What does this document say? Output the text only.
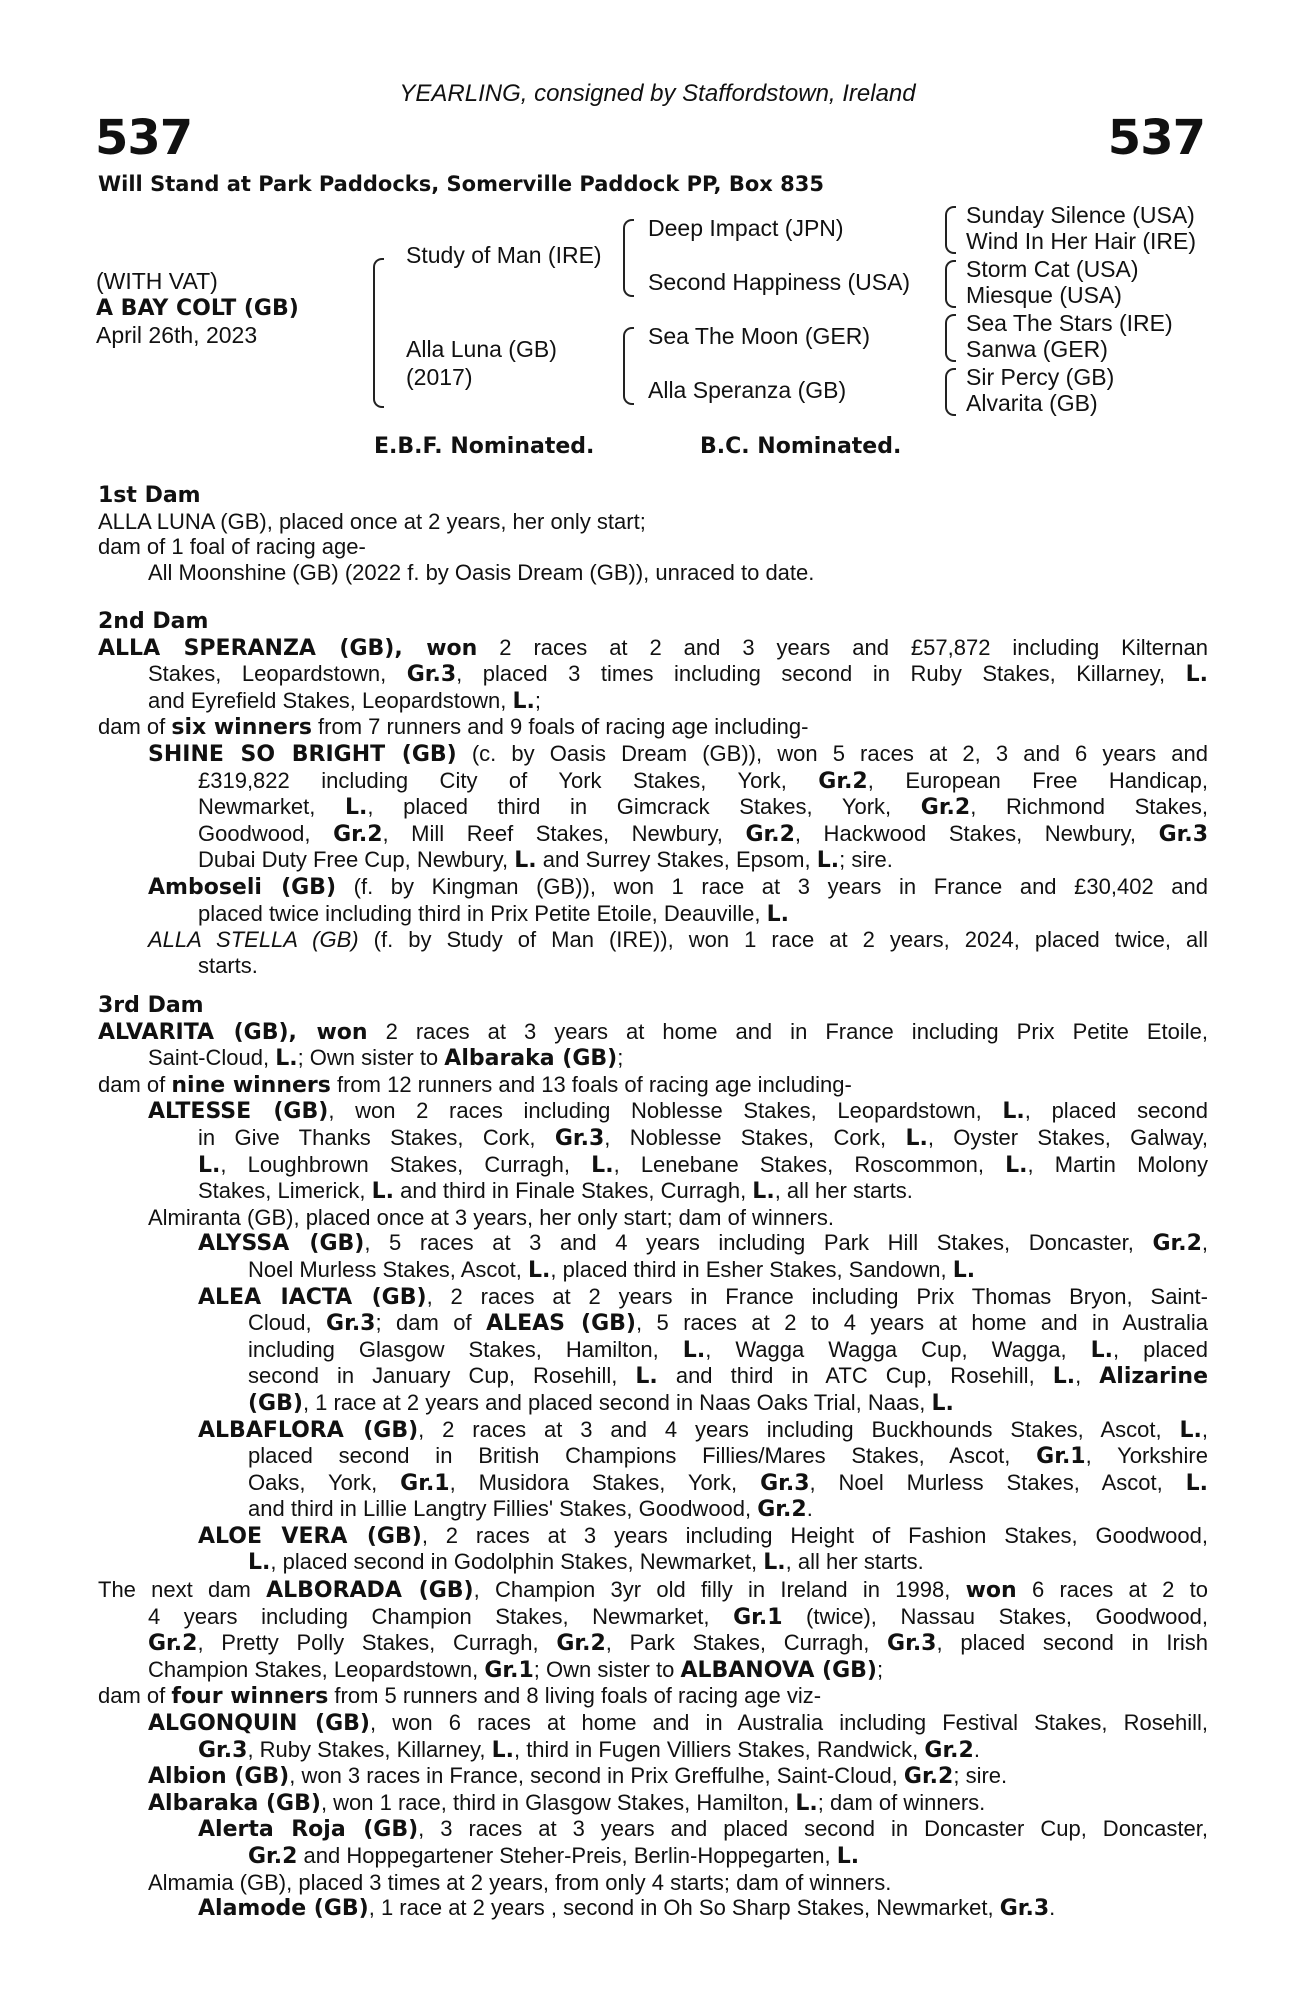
YEARLING, consigned by Staffordstown, Ireland
537	537
Will Stand at Park Paddocks, Somerville Paddock PP, Box 835
(WITH VAT)
A BAY COLT (GB)
April 26th, 2023
Study of Man (IRE)
Alla Luna (GB)
(2017)
Deep Impact (JPN)
Second Happiness (USA)
Sea The Moon (GER)
Alla Speranza (GB)
Sunday Silence (USA)
Wind In Her Hair (IRE)
Storm Cat (USA)
Miesque (USA)
Sea The Stars (IRE)
Sanwa (GER)
Sir Percy (GB)
Alvarita (GB)
E.B.F. Nominated.	B.C. Nominated.
1st Dam
ALLA LUNA (GB), placed once at 2 years, her only start;
dam of 1 foal of racing age-
All Moonshine (GB) (2022 f. by Oasis Dream (GB)), unraced to date.
2nd Dam
ALLA SPERANZA (GB), won 2 races at 2 and 3 years and £57,872 including Kilternan
Stakes, Leopardstown, Gr.3, placed 3 times including second in Ruby Stakes, Killarney, L.
and Eyrefield Stakes, Leopardstown, L.;
dam of six winners from 7 runners and 9 foals of racing age including-
SHINE SO BRIGHT (GB) (c. by Oasis Dream (GB)), won 5 races at 2, 3 and 6 years and
£319,822 including City of York Stakes, York, Gr.2, European Free Handicap,
Newmarket, L., placed third in Gimcrack Stakes, York, Gr.2, Richmond Stakes,
Goodwood, Gr.2, Mill Reef Stakes, Newbury, Gr.2, Hackwood Stakes, Newbury, Gr.3
Dubai Duty Free Cup, Newbury, L. and Surrey Stakes, Epsom, L.; sire.
Amboseli (GB) (f. by Kingman (GB)), won 1 race at 3 years in France and £30,402 and
placed twice including third in Prix Petite Etoile, Deauville, L.
ALLA STELLA (GB) (f. by Study of Man (IRE)), won 1 race at 2 years, 2024, placed twice, all
starts.
3rd Dam
ALVARITA (GB), won 2 races at 3 years at home and in France including Prix Petite Etoile,
Saint-Cloud, L.; Own sister to Albaraka (GB);
dam of nine winners from 12 runners and 13 foals of racing age including-
ALTESSE (GB), won 2 races including Noblesse Stakes, Leopardstown, L., placed second
in Give Thanks Stakes, Cork, Gr.3, Noblesse Stakes, Cork, L., Oyster Stakes, Galway,
L., Loughbrown Stakes, Curragh, L., Lenebane Stakes, Roscommon, L., Martin Molony
Stakes, Limerick, L. and third in Finale Stakes, Curragh, L., all her starts.
Almiranta (GB), placed once at 3 years, her only start; dam of winners.
ALYSSA (GB), 5 races at 3 and 4 years including Park Hill Stakes, Doncaster, Gr.2,
Noel Murless Stakes, Ascot, L., placed third in Esher Stakes, Sandown, L.
ALEA IACTA (GB), 2 races at 2 years in France including Prix Thomas Bryon, Saint-
Cloud, Gr.3; dam of ALEAS (GB), 5 races at 2 to 4 years at home and in Australia
including Glasgow Stakes, Hamilton, L., Wagga Wagga Cup, Wagga, L., placed
second in January Cup, Rosehill, L. and third in ATC Cup, Rosehill, L., Alizarine
(GB), 1 race at 2 years and placed second in Naas Oaks Trial, Naas, L.
ALBAFLORA (GB), 2 races at 3 and 4 years including Buckhounds Stakes, Ascot, L.,
placed second in British Champions Fillies/Mares Stakes, Ascot, Gr.1, Yorkshire
Oaks, York, Gr.1, Musidora Stakes, York, Gr.3, Noel Murless Stakes, Ascot, L.
and third in Lillie Langtry Fillies' Stakes, Goodwood, Gr.2.
ALOE VERA (GB), 2 races at 3 years including Height of Fashion Stakes, Goodwood,
L., placed second in Godolphin Stakes, Newmarket, L., all her starts.
The next dam ALBORADA (GB), Champion 3yr old filly in Ireland in 1998, won 6 races at 2 to
4 years including Champion Stakes, Newmarket, Gr.1 (twice), Nassau Stakes, Goodwood,
Gr.2, Pretty Polly Stakes, Curragh, Gr.2, Park Stakes, Curragh, Gr.3, placed second in Irish
Champion Stakes, Leopardstown, Gr.1; Own sister to ALBANOVA (GB);
dam of four winners from 5 runners and 8 living foals of racing age viz-
ALGONQUIN (GB), won 6 races at home and in Australia including Festival Stakes, Rosehill,
Gr.3, Ruby Stakes, Killarney, L., third in Fugen Villiers Stakes, Randwick, Gr.2.
Albion (GB), won 3 races in France, second in Prix Greffulhe, Saint-Cloud, Gr.2; sire.
Albaraka (GB), won 1 race, third in Glasgow Stakes, Hamilton, L.; dam of winners.
Alerta Roja (GB), 3 races at 3 years and placed second in Doncaster Cup, Doncaster,
Gr.2 and Hoppegartener Steher-Preis, Berlin-Hoppegarten, L.
Almamia (GB), placed 3 times at 2 years, from only 4 starts; dam of winners.
Alamode (GB), 1 race at 2 years , second in Oh So Sharp Stakes, Newmarket, Gr.3.
